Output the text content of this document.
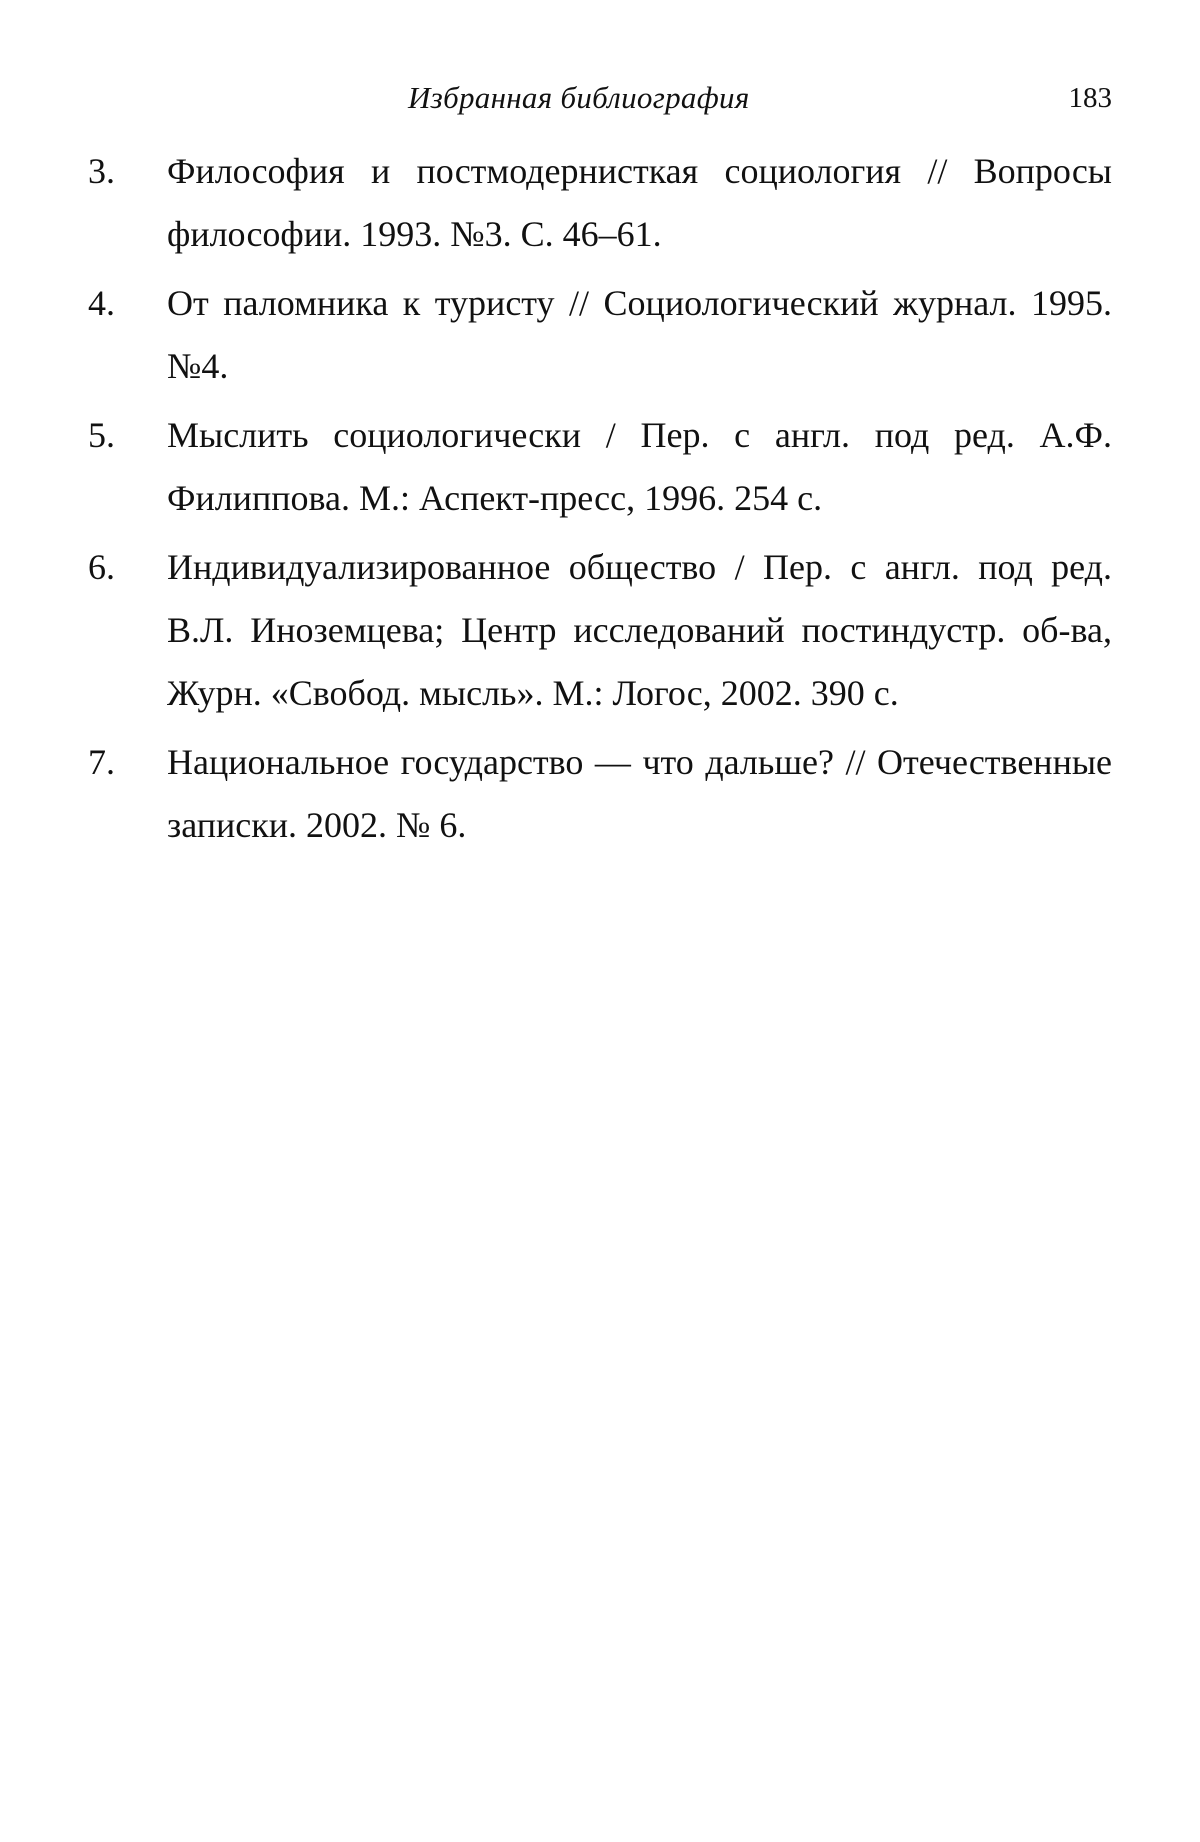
Избранная библиография	183
3.	Философия и постмодернисткая социология // Вопросы философии. 1993. №3. С. 46–61.
4.	От паломника к туристу // Социологический журнал. 1995. №4.
5.	Мыслить социологически / Пер. с англ. под ред. А.Ф. Филиппова. М.: Аспект-пресс, 1996. 254 с.
6.	Индивидуализированное общество / Пер. с англ. под ред. В.Л. Иноземцева; Центр исследований постиндустр. об-ва, Журн. «Свобод. мысль». М.: Логос, 2002. 390 с.
7.	Национальное государство — что дальше? // Отечественные записки. 2002. № 6.
